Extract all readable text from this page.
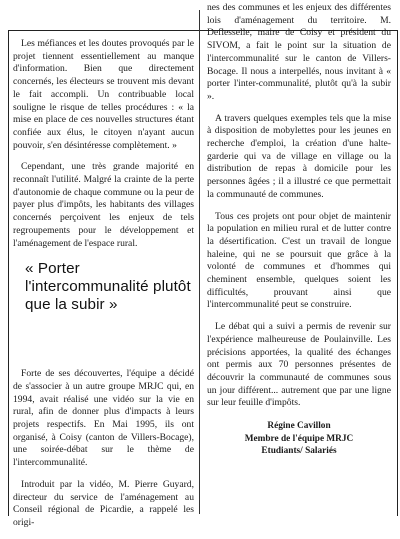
Les méfiances et les doutes provoqués par le projet tiennent essentiellement au manque d'information. Bien que directement concernés, les électeurs se trouvent mis devant le fait accompli. Un contribuable local souligne le risque de telles procédures : « la mise en place de ces nouvelles structures étant confiée aux élus, le citoyen n'ayant aucun pouvoir, s'en désintéresse complètement. »

Cependant, une très grande majorité en reconnaît l'utilité. Malgré la crainte de la perte d'autonomie de chaque commune ou la peur de payer plus d'impôts, les habitants des villages concernés perçoivent les enjeux de tels regroupements pour le développement et l'aménagement de l'espace rural.

« Porter l'intercommunalité plutôt que la subir »

Forte de ses découvertes, l'équipe a décidé de s'associer à un autre groupe MRJC qui, en 1994, avait réalisé une vidéo sur la vie en rural, afin de donner plus d'impacts à leurs projets respectifs. En Mai 1995, ils ont organisé, à Coisy (canton de Villers-Bocage), une soirée-débat sur le thème de l'intercommunalité.

Introduit par la vidéo, M. Pierre Guyard, directeur du service de l'aménagement au Conseil régional de Picardie, a rappelé les origi-

nes des communes et les enjeux des différentes lois d'aménagement du territoire. M. Deflesselle, maire de Coisy et président du SIVOM, a fait le point sur la situation de l'intercommunalité sur le canton de Villers-Bocage. Il nous a interpellés, nous invitant à « porter l'inter-communalité, plutôt qu'à la subir ».

A travers quelques exemples tels que la mise à disposition de mobylettes pour les jeunes en recherche d'emploi, la création d'une halte-garderie qui va de village en village ou la distribution de repas à domicile pour les personnes âgées ; il a illustré ce que permettait la communauté de communes.

Tous ces projets ont pour objet de maintenir la population en milieu rural et de lutter contre la désertification. C'est un travail de longue haleine, qui ne se poursuit que grâce à la volonté de communes et d'hommes qui cheminent ensemble, quelques soient les difficultés, prouvant ainsi que l'intercommunalité peut se construire.

Le débat qui a suivi a permis de revenir sur l'expérience malheureuse de Poulainville. Les précisions apportées, la qualité des échanges ont permis aux 70 personnes présentes de découvrir la communauté de communes sous un jour différent... autrement que par une ligne sur leur feuille d'impôts.

Régine Cavillon
Membre de l'équipe MRJC
Etudiants/ Salariés
